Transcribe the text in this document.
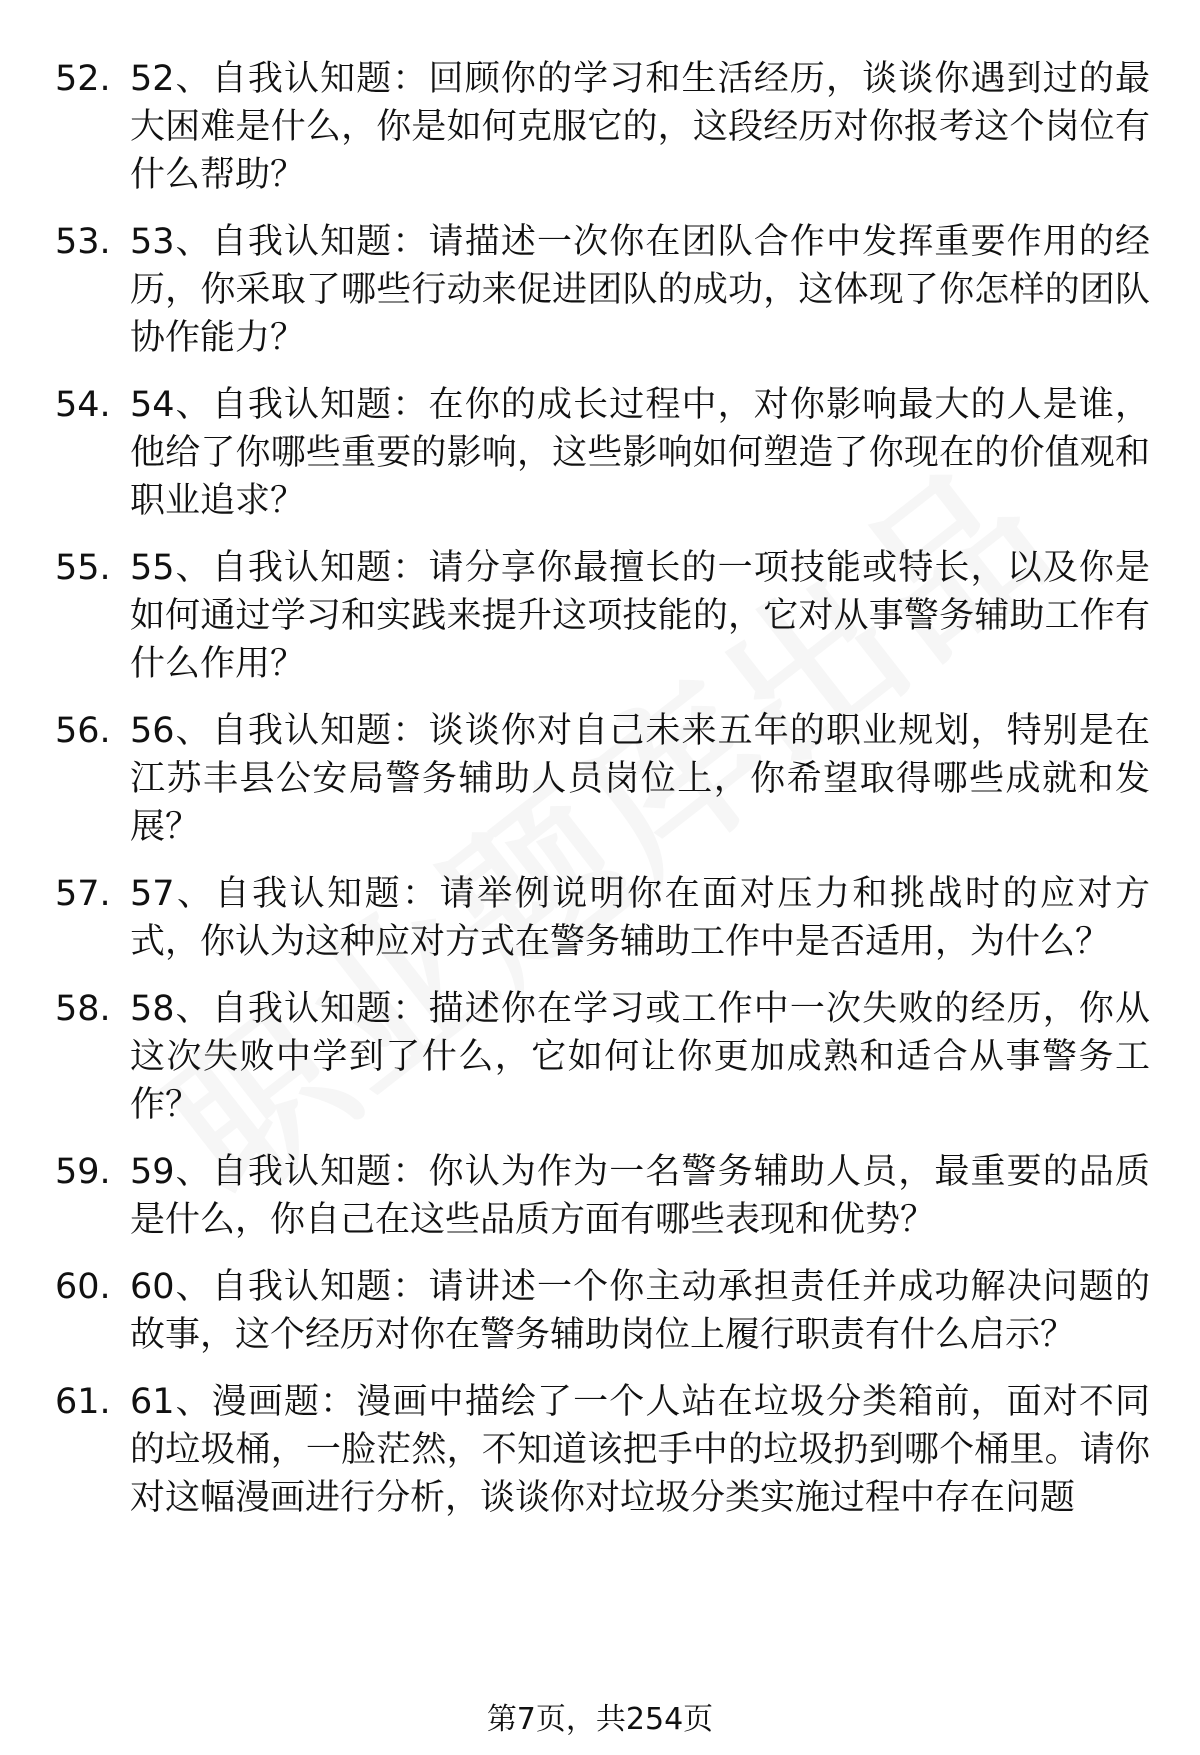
52. 52、自我认知题：回顾你的学习和生活经历，谈谈你遇到过的最大困难是什么，你是如何克服它的，这段经历对你报考这个岗位有什么帮助？
53. 53、自我认知题：请描述一次你在团队合作中发挥重要作用的经历，你采取了哪些行动来促进团队的成功，这体现了你怎样的团队协作能力？
54. 54、自我认知题：在你的成长过程中，对你影响最大的人是谁，他给了你哪些重要的影响，这些影响如何塑造了你现在的价值观和职业追求？
55. 55、自我认知题：请分享你最擅长的一项技能或特长，以及你是如何通过学习和实践来提升这项技能的，它对从事警务辅助工作有什么作用？
56. 56、自我认知题：谈谈你对自己未来五年的职业规划，特别是在江苏丰县公安局警务辅助人员岗位上，你希望取得哪些成就和发展？
57. 57、自我认知题：请举例说明你在面对压力和挑战时的应对方式，你认为这种应对方式在警务辅助工作中是否适用，为什么？
58. 58、自我认知题：描述你在学习或工作中一次失败的经历，你从这次失败中学到了什么，它如何让你更加成熟和适合从事警务工作？
59. 59、自我认知题：你认为作为一名警务辅助人员，最重要的品质是什么，你自己在这些品质方面有哪些表现和优势？
60. 60、自我认知题：请讲述一个你主动承担责任并成功解决问题的故事，这个经历对你在警务辅助岗位上履行职责有什么启示？
61. 61、漫画题：漫画中描绘了一个人站在垃圾分类箱前，面对不同的垃圾桶，一脸茫然，不知道该把手中的垃圾扔到哪个桶里。请你对这幅漫画进行分析，谈谈你对垃圾分类实施过程中存在问题
第7页，共254页
